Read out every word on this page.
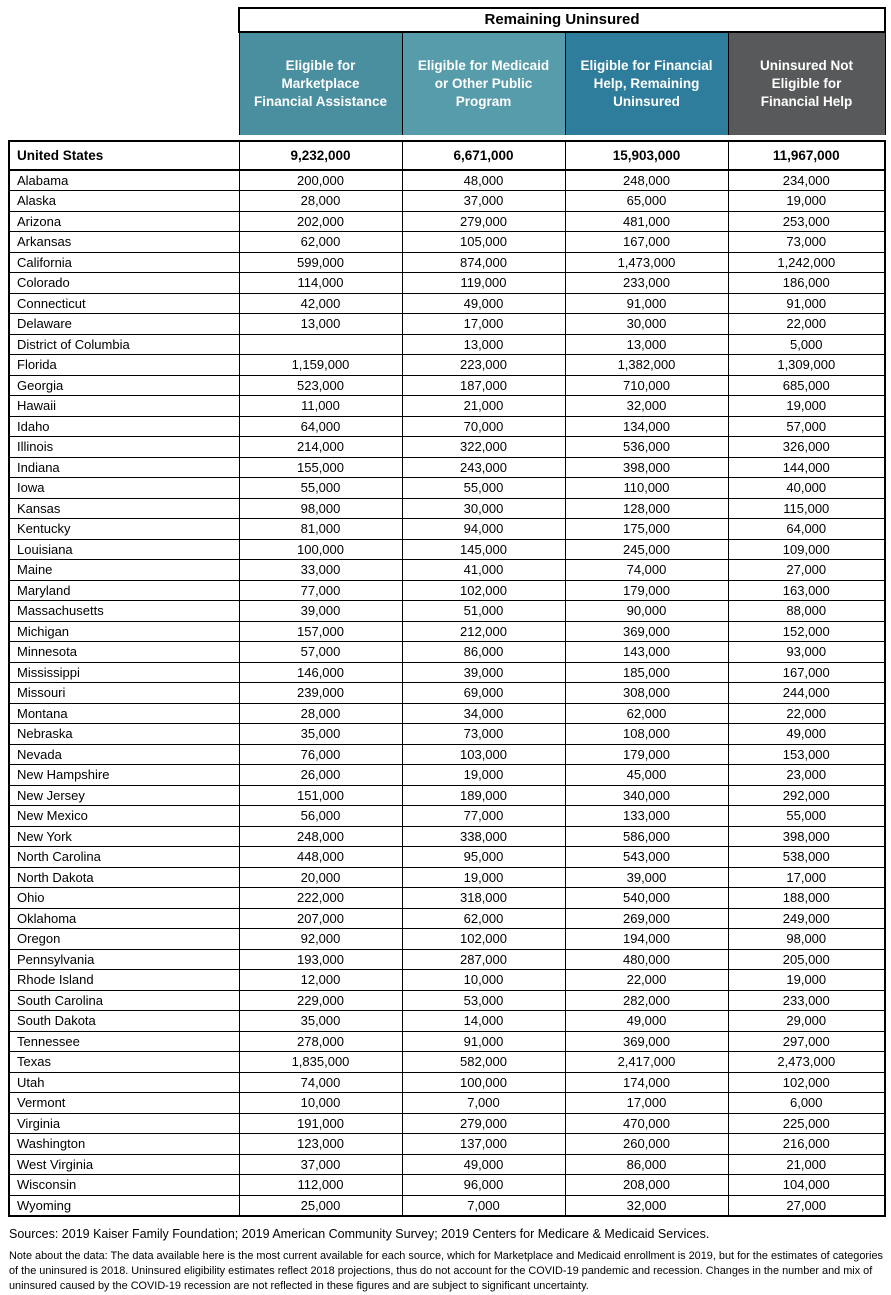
	Remaining Uninsured			
	Eligible for Marketplace Financial Assistance	Eligible for Medicaid or Other Public Program	Eligible for Financial Help, Remaining Uninsured	Uninsured Not Eligible for Financial Help

United States	9,232,000	6,671,000	15,903,000	11,967,000
Alabama	200,000	48,000	248,000	234,000
Alaska	28,000	37,000	65,000	19,000
Arizona	202,000	279,000	481,000	253,000
Arkansas	62,000	105,000	167,000	73,000
California	599,000	874,000	1,473,000	1,242,000
Colorado	114,000	119,000	233,000	186,000
Connecticut	42,000	49,000	91,000	91,000
Delaware	13,000	17,000	30,000	22,000
District of Columbia		13,000	13,000	5,000
Florida	1,159,000	223,000	1,382,000	1,309,000
Georgia	523,000	187,000	710,000	685,000
Hawaii	11,000	21,000	32,000	19,000
Idaho	64,000	70,000	134,000	57,000
Illinois	214,000	322,000	536,000	326,000
Indiana	155,000	243,000	398,000	144,000
Iowa	55,000	55,000	110,000	40,000
Kansas	98,000	30,000	128,000	115,000
Kentucky	81,000	94,000	175,000	64,000
Louisiana	100,000	145,000	245,000	109,000
Maine	33,000	41,000	74,000	27,000
Maryland	77,000	102,000	179,000	163,000
Massachusetts	39,000	51,000	90,000	88,000
Michigan	157,000	212,000	369,000	152,000
Minnesota	57,000	86,000	143,000	93,000
Mississippi	146,000	39,000	185,000	167,000
Missouri	239,000	69,000	308,000	244,000
Montana	28,000	34,000	62,000	22,000
Nebraska	35,000	73,000	108,000	49,000
Nevada	76,000	103,000	179,000	153,000
New Hampshire	26,000	19,000	45,000	23,000
New Jersey	151,000	189,000	340,000	292,000
New Mexico	56,000	77,000	133,000	55,000
New York	248,000	338,000	586,000	398,000
North Carolina	448,000	95,000	543,000	538,000
North Dakota	20,000	19,000	39,000	17,000
Ohio	222,000	318,000	540,000	188,000
Oklahoma	207,000	62,000	269,000	249,000
Oregon	92,000	102,000	194,000	98,000
Pennsylvania	193,000	287,000	480,000	205,000
Rhode Island	12,000	10,000	22,000	19,000
South Carolina	229,000	53,000	282,000	233,000
South Dakota	35,000	14,000	49,000	29,000
Tennessee	278,000	91,000	369,000	297,000
Texas	1,835,000	582,000	2,417,000	2,473,000
Utah	74,000	100,000	174,000	102,000
Vermont	10,000	7,000	17,000	6,000
Virginia	191,000	279,000	470,000	225,000
Washington	123,000	137,000	260,000	216,000
West Virginia	37,000	49,000	86,000	21,000
Wisconsin	112,000	96,000	208,000	104,000
Wyoming	25,000	7,000	32,000	27,000

Sources: 2019 Kaiser Family Foundation; 2019 American Community Survey; 2019 Centers for Medicare & Medicaid Services.

Note about the data: The data available here is the most current available for each source, which for Marketplace and Medicaid enrollment is 2019, but for the estimates of categories of the uninsured is 2018. Uninsured eligibility estimates reflect 2018 projections, thus do not account for the COVID-19 pandemic and recession. Changes in the number and mix of uninsured caused by the COVID-19 recession are not reflected in these figures and are subject to significant uncertainty.
